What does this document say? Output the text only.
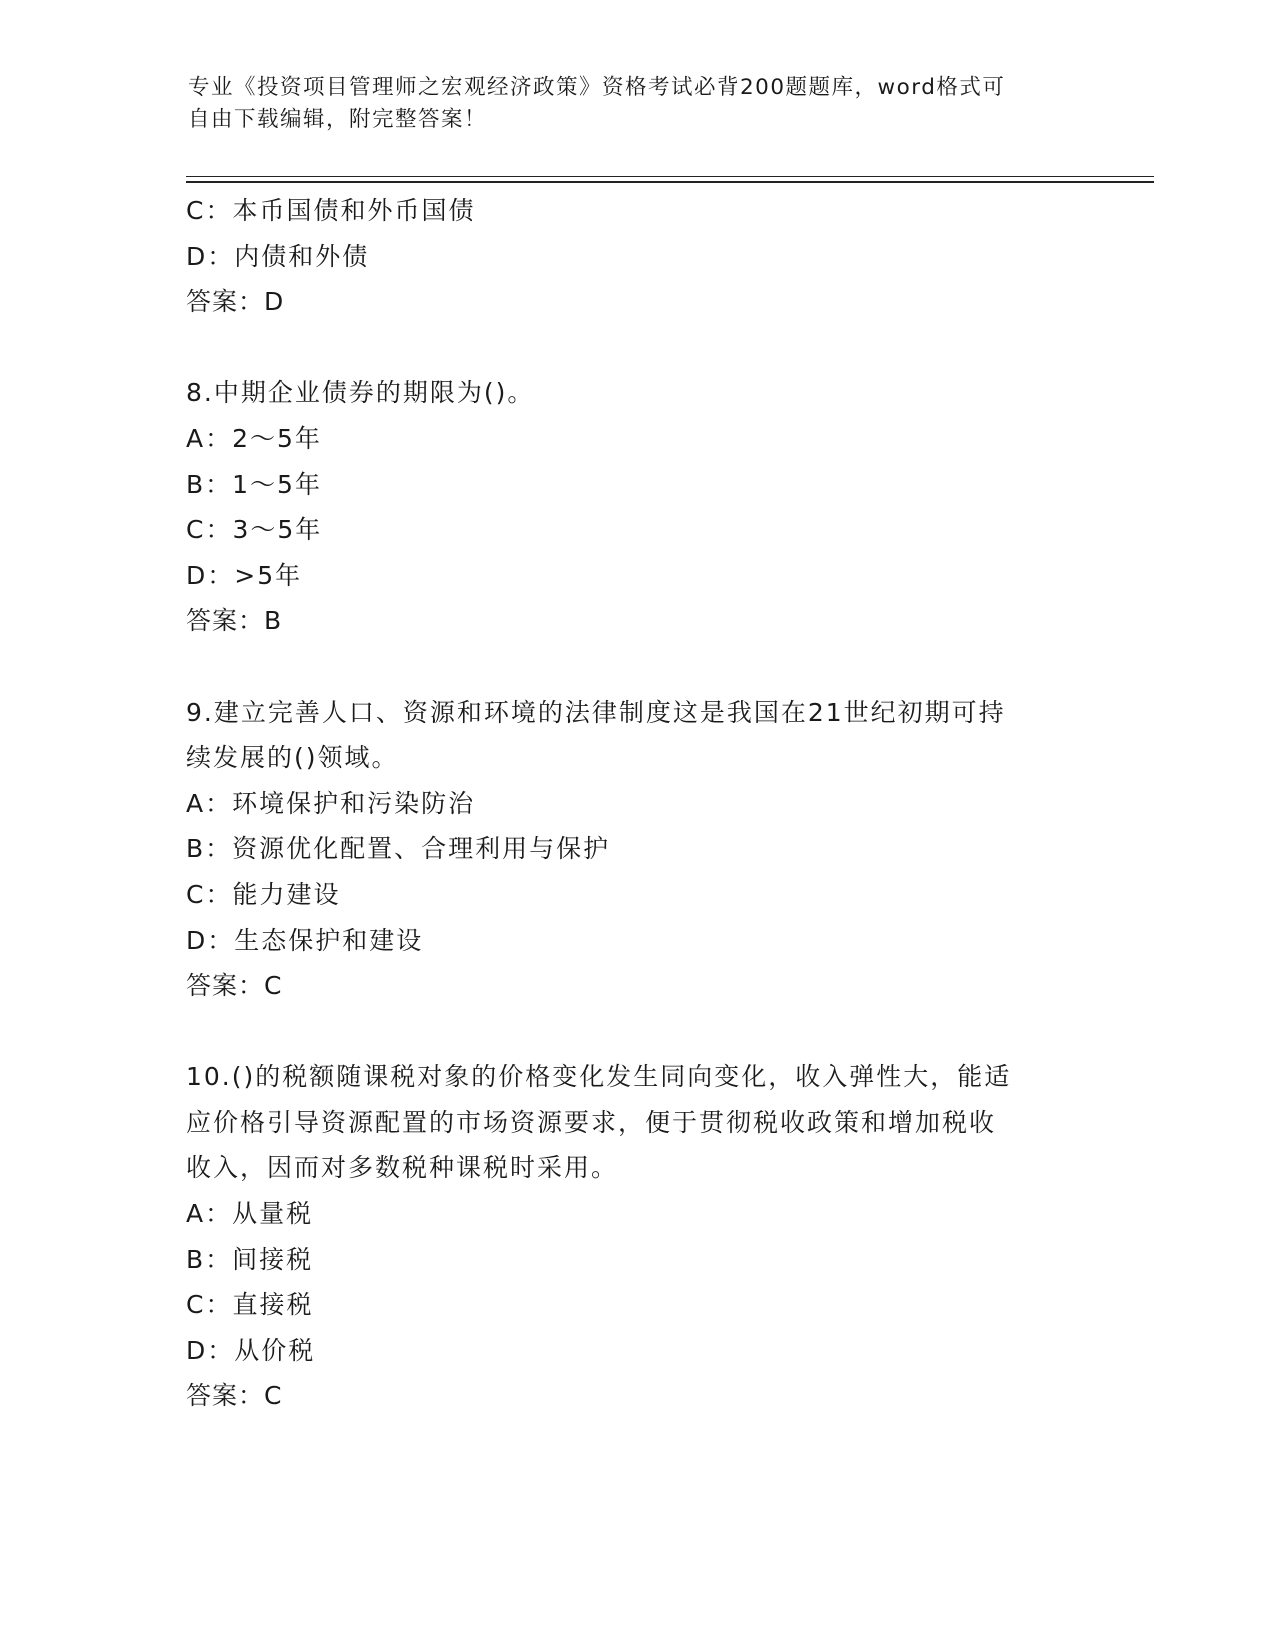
专业《投资项目管理师之宏观经济政策》资格考试必背200题题库，word格式可
自由下载编辑，附完整答案！
C：本币国债和外币国债
D：内债和外债
答案：D
8.中期企业债券的期限为()。
A：2～5年
B：1～5年
C：3～5年
D：>5年
答案：B
9.建立完善人口、资源和环境的法律制度这是我国在21世纪初期可持
续发展的()领域。
A：环境保护和污染防治
B：资源优化配置、合理利用与保护
C：能力建设
D：生态保护和建设
答案：C
10.()的税额随课税对象的价格变化发生同向变化，收入弹性大，能适
应价格引导资源配置的市场资源要求，便于贯彻税收政策和增加税收
收入，因而对多数税种课税时采用。
A：从量税
B：间接税
C：直接税
D：从价税
答案：C
